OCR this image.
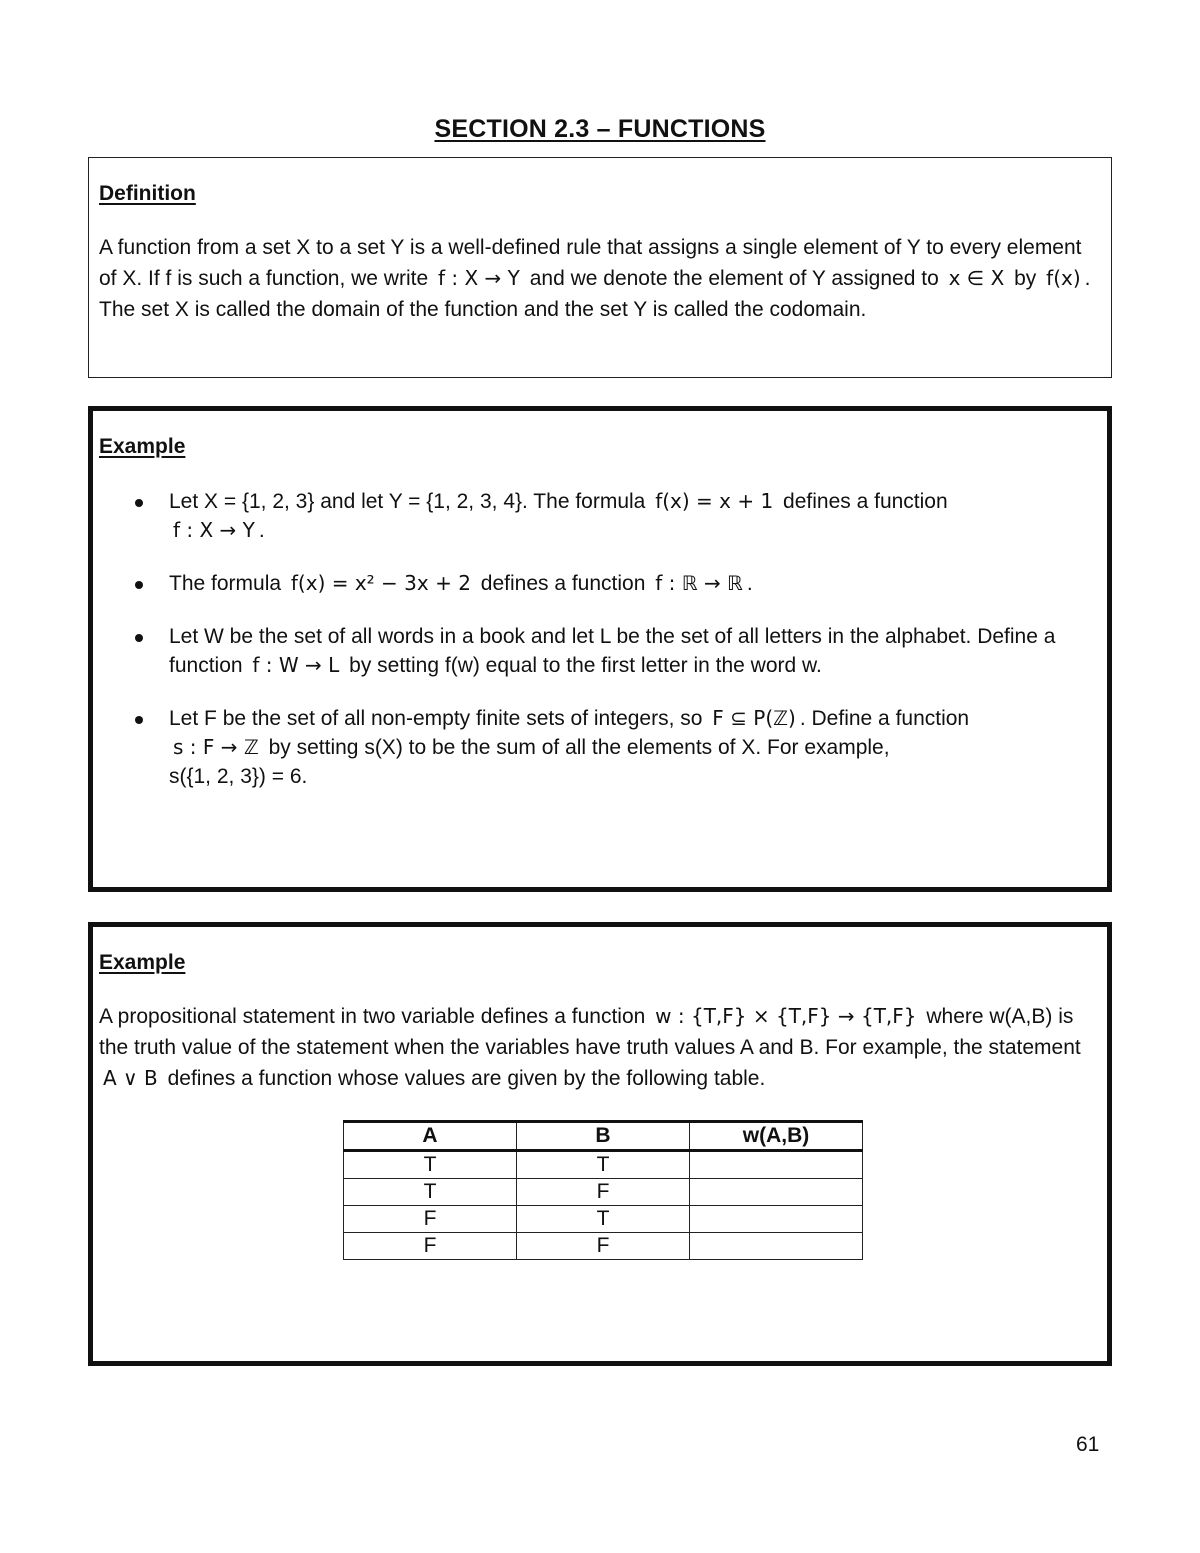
SECTION 2.3 – FUNCTIONS
Definition

A function from a set X to a set Y is a well-defined rule that assigns a single element of Y to every element of X. If f is such a function, we write f : X → Y and we denote the element of Y assigned to x ∈ X by f(x) . The set X is called the domain of the function and the set Y is called the codomain.

Example
Let X = {1, 2, 3} and let Y = {1, 2, 3, 4}. The formula f(x) = x + 1 defines a function
f : X → Y .
The formula f(x) = x² − 3x + 2 defines a function f : ℝ → ℝ .
Let W be the set of all words in a book and let L be the set of all letters in the alphabet. Define a function f : W → L by setting f(w) equal to the first letter in the word w.
Let F be the set of all non-empty finite sets of integers, so F ⊆ P(ℤ) . Define a function
s : F → ℤ by setting s(X) to be the sum of all the elements of X. For example,
s({1, 2, 3}) = 6.
Example

A propositional statement in two variable defines a function w : {T,F} × {T,F} → {T,F} where w(A,B) is the truth value of the statement when the variables have truth values A and B. For example, the statement A ∨ B defines a function whose values are given by the following table.

A	B	w(A,B)
T	T	
T	F	
F	T	
F	F	
61
